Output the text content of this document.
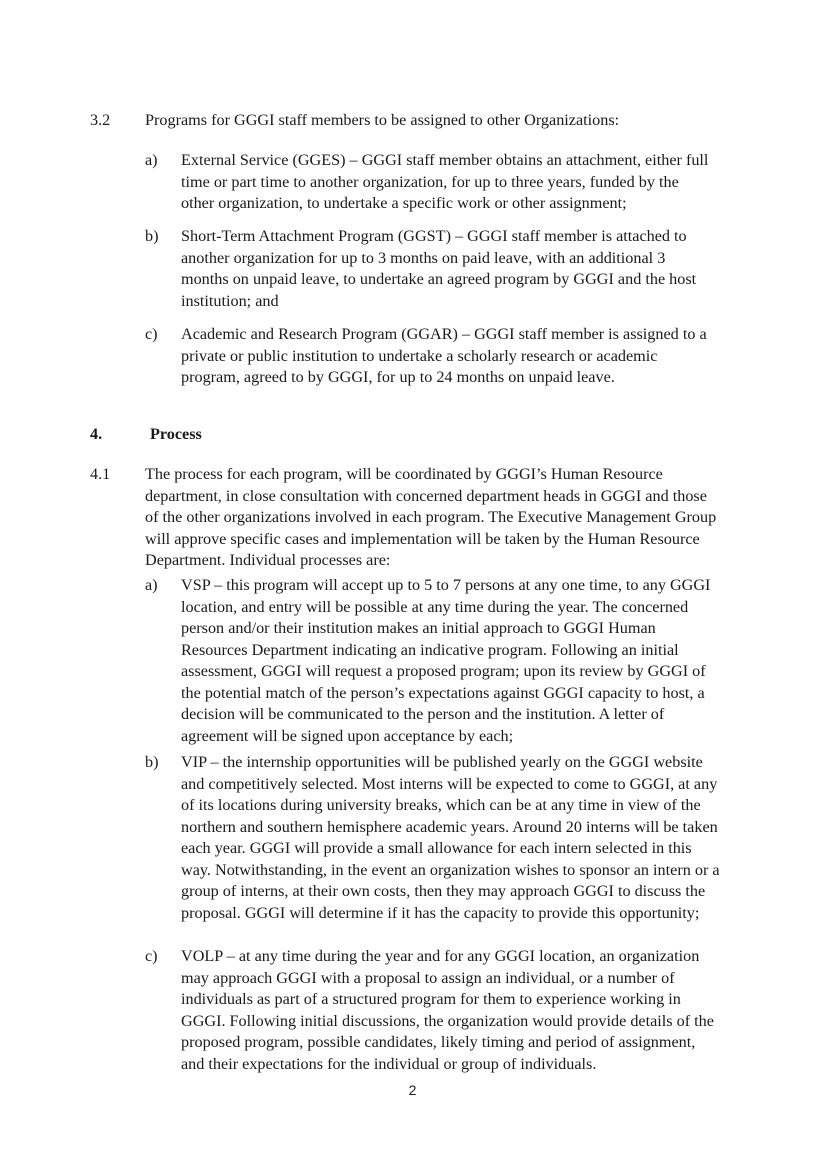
3.2 Programs for GGGI staff members to be assigned to other Organizations:
a) External Service (GGES) – GGGI staff member obtains an attachment, either full time or part time to another organization, for up to three years, funded by the other organization, to undertake a specific work or other assignment;
b) Short-Term Attachment Program (GGST) – GGGI staff member is attached to another organization for up to 3 months on paid leave, with an additional 3 months on unpaid leave, to undertake an agreed program by GGGI and the host institution; and
c) Academic and Research Program (GGAR) – GGGI staff member is assigned to a private or public institution to undertake a scholarly research or academic program, agreed to by GGGI, for up to 24 months on unpaid leave.
4.	Process
4.1 The process for each program, will be coordinated by GGGI’s Human Resource department, in close consultation with concerned department heads in GGGI and those of the other organizations involved in each program. The Executive Management Group will approve specific cases and implementation will be taken by the Human Resource Department. Individual processes are:
a) VSP – this program will accept up to 5 to 7 persons at any one time, to any GGGI location, and entry will be possible at any time during the year. The concerned person and/or their institution makes an initial approach to GGGI Human Resources Department indicating an indicative program. Following an initial assessment, GGGI will request a proposed program; upon its review by GGGI of the potential match of the person’s expectations against GGGI capacity to host, a decision will be communicated to the person and the institution. A letter of agreement will be signed upon acceptance by each;
b) VIP – the internship opportunities will be published yearly on the GGGI website and competitively selected. Most interns will be expected to come to GGGI, at any of its locations during university breaks, which can be at any time in view of the northern and southern hemisphere academic years. Around 20 interns will be taken each year. GGGI will provide a small allowance for each intern selected in this way. Notwithstanding, in the event an organization wishes to sponsor an intern or a group of interns, at their own costs, then they may approach GGGI to discuss the proposal. GGGI will determine if it has the capacity to provide this opportunity;
c) VOLP – at any time during the year and for any GGGI location, an organization may approach GGGI with a proposal to assign an individual, or a number of individuals as part of a structured program for them to experience working in GGGI. Following initial discussions, the organization would provide details of the proposed program, possible candidates, likely timing and period of assignment, and their expectations for the individual or group of individuals.
2
